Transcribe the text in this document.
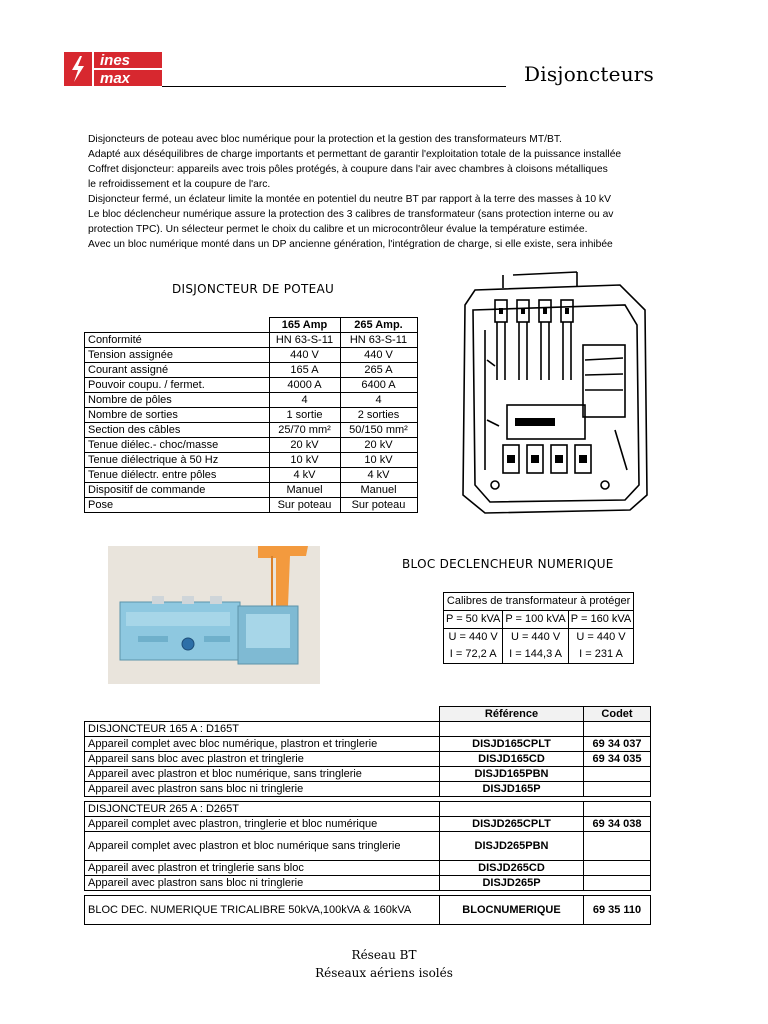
ines
max	Disjoncteurs
Disjoncteurs de poteau avec bloc numérique pour la protection et la gestion des transformateurs MT/BT.
Adapté aux déséquilibres de charge importants et permettant de garantir l'exploitation totale de la puissance installée
Coffret disjoncteur: appareils avec trois pôles protégés, à coupure dans l'air avec chambres à cloisons métalliques
le refroidissement et la coupure de l'arc.
Disjoncteur fermé, un éclateur limite la montée en potentiel du neutre BT par rapport à la terre des masses à 10 kV
Le bloc déclencheur numérique assure la protection des 3 calibres de transformateur (sans protection interne ou av
protection TPC). Un sélecteur permet le choix du calibre et un microcontrôleur évalue la température estimée.
Avec un bloc numérique monté dans un DP ancienne génération, l'intégration de charge, si elle existe, sera inhibée
DISJONCTEUR DE POTEAU
	165 Amp	265 Amp.
Conformité	HN 63-S-11	HN 63-S-11
Tension assignée	440 V	440 V
Courant assigné	165 A	265 A
Pouvoir coupu. / fermet.	4000 A	6400 A
Nombre de pôles	4	4
Nombre de sorties	1 sortie	2 sorties
Section des câbles	25/70 mm²	50/150 mm²
Tenue diélec.- choc/masse	20 kV	20 kV
Tenue diélectrique à 50 Hz	10 kV	10 kV
Tenue diélectr. entre pôles	4 kV	4 kV
Dispositif de commande	Manuel	Manuel
Pose	Sur poteau	Sur poteau
BLOC DECLENCHEUR NUMERIQUE
Calibres de transformateur à protéger		
P = 50 kVA	P = 100 kVA	P = 160 kVA
U = 440 V	U = 440 V	U = 440 V
I = 72,2 A	I = 144,3 A	I = 231 A
	Référence	Codet
DISJONCTEUR 165 A : D165T		
Appareil complet avec bloc numérique, plastron et tringlerie	DISJD165CPLT	69 34 037
Appareil sans bloc avec plastron et tringlerie	DISJD165CD	69 34 035
Appareil avec plastron et bloc numérique, sans tringlerie	DISJD165PBN	
Appareil avec plastron sans bloc ni tringlerie	DISJD165P	

DISJONCTEUR 265 A : D265T		
Appareil complet avec plastron, tringlerie et bloc numérique	DISJD265CPLT	69 34 038
Appareil complet avec plastron et bloc numérique sans tringlerie	DISJD265PBN	
Appareil avec plastron et tringlerie sans bloc	DISJD265CD	
Appareil avec plastron sans bloc ni tringlerie	DISJD265P	

BLOC DEC. NUMERIQUE TRICALIBRE 50kVA,100kVA & 160kVA	BLOCNUMERIQUE	69 35 110
Réseau BT
Réseaux aériens isolés
